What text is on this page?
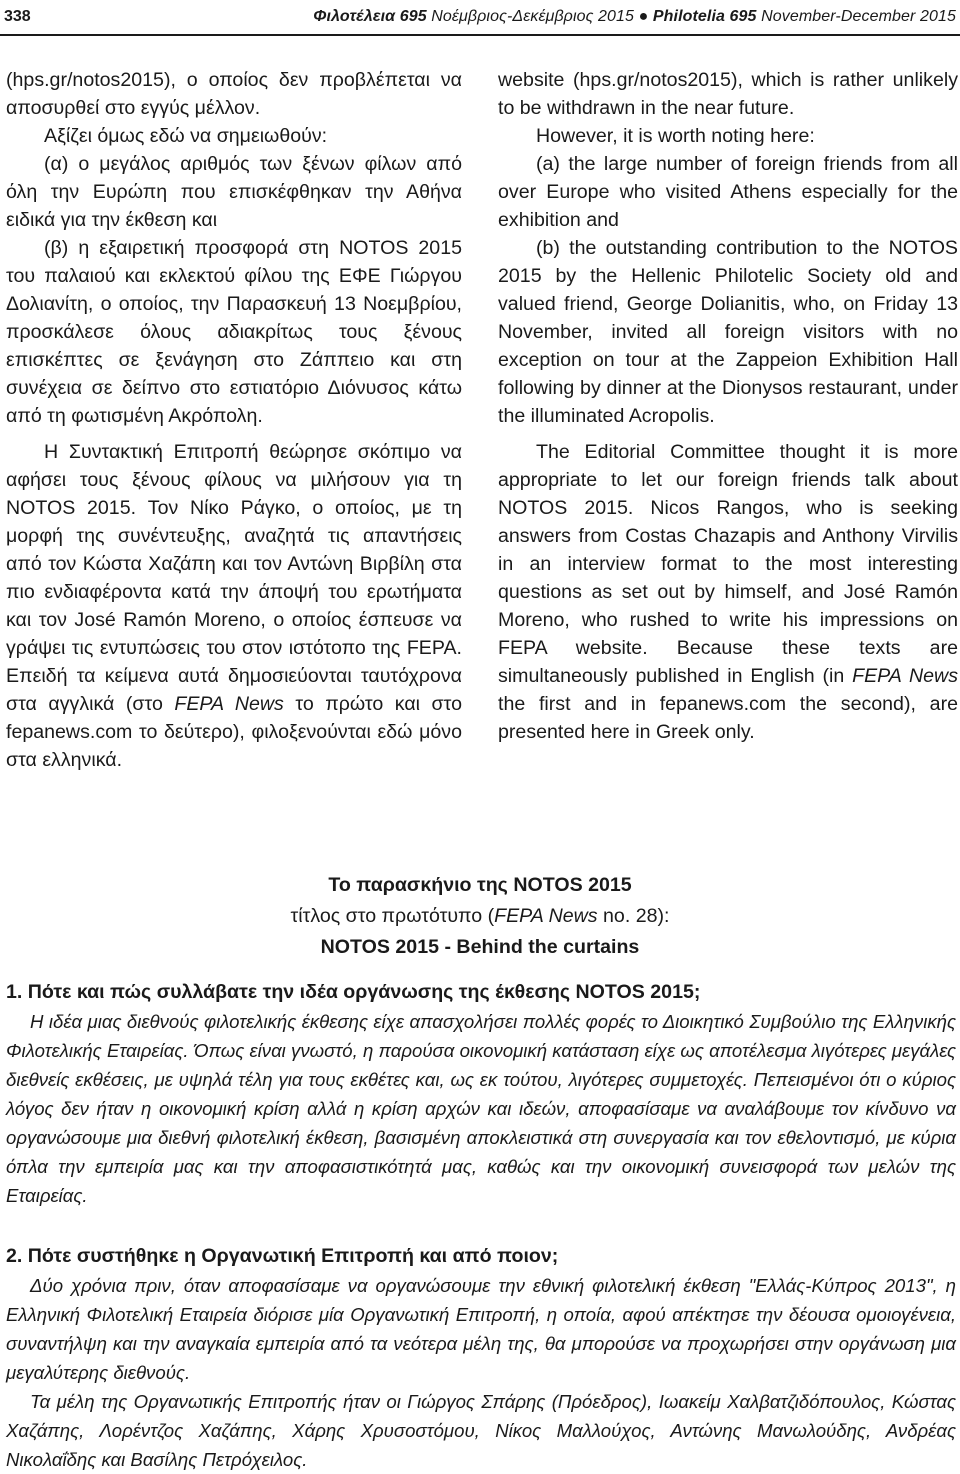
338	Φιλοτέλεια 695 Νοέμβριος-Δεκέμβριος 2015 ● Philotelia 695 November-December 2015

(hps.gr/notos2015), ο οποίος δεν προβλέπεται να αποσυρθεί στο εγγύς μέλλον.

Αξίζει όμως εδώ να σημειωθούν:

(α) ο μεγάλος αριθμός των ξένων φίλων από όλη την Ευρώπη που επισκέφθηκαν την Αθήνα ειδικά για την έκθεση και

(β) η εξαιρετική προσφορά στη NOTOS 2015 του παλαιού και εκλεκτού φίλου της ΕΦΕ Γιώργου Δολιανίτη, ο οποίος, την Παρασκευή 13 Νοεμβρίου, προσκάλεσε όλους αδιακρίτως τους ξένους επισκέπτες σε ξενάγηση στο Ζάππειο και στη συνέχεια σε δείπνο στο εστιατόριο Διόνυσος κάτω από τη φωτισμένη Ακρόπολη.

Η Συντακτική Επιτροπή θεώρησε σκόπιμο να αφήσει τους ξένους φίλους να μιλήσουν για τη NOTOS 2015. Τον Νίκο Ράγκο, ο οποίος, με τη μορφή της συνέντευξης, αναζητά τις απαντήσεις από τον Κώστα Χαζάπη και τον Αντώνη Βιρβίλη στα πιο ενδιαφέροντα κατά την άποψή του ερωτήματα και τον José Ramón Moreno, ο οποίος έσπευσε να γράψει τις εντυπώσεις του στον ιστότοπο της FEPA. Επειδή τα κείμενα αυτά δημοσιεύονται ταυτόχρονα στα αγγλικά (στο FEPA News το πρώτο και στο fepanews.com το δεύτερο), φιλοξενούνται εδώ μόνο στα ελληνικά.

website (hps.gr/notos2015), which is rather unlikely to be withdrawn in the near future.

However, it is worth noting here:

(a) the large number of foreign friends from all over Europe who visited Athens especially for the exhibition and

(b) the outstanding contribution to the NOTOS 2015 by the Hellenic Philotelic Society old and valued friend, George Dolianitis, who, on Friday 13 November, invited all foreign visitors with no exception on tour at the Zappeion Exhibition Hall following by dinner at the Dionysos restaurant, under the illuminated Acropolis.

The Editorial Committee thought it is more appropriate to let our foreign friends talk about NOTOS 2015. Nicos Rangos, who is seeking answers from Costas Chazapis and Anthony Virvilis in an interview format to the most interesting questions as set out by himself, and José Ramón Moreno, who rushed to write his impressions on FEPA website. Because these texts are simultaneously published in English (in FEPA News the first and in fepanews.com the second), are presented here in Greek only.

Το παρασκήνιο της NOTOS 2015
τίτλος στο πρωτότυπο (FEPA News no. 28):
NOTOS 2015 - Behind the curtains

1. Πότε και πώς συλλάβατε την ιδέα οργάνωσης της έκθεσης NOTOS 2015;

Η ιδέα μιας διεθνούς φιλοτελικής έκθεσης είχε απασχολήσει πολλές φορές το Διοικητικό Συμβούλιο της Ελληνικής Φιλοτελικής Εταιρείας. Όπως είναι γνωστό, η παρούσα οικονομική κατάσταση είχε ως αποτέλεσμα λιγότερες μεγάλες διεθνείς εκθέσεις, με υψηλά τέλη για τους εκθέτες και, ως εκ τούτου, λιγότερες συμμετοχές. Πεπεισμένοι ότι ο κύριος λόγος δεν ήταν η οικονομική κρίση αλλά η κρίση αρχών και ιδεών, αποφασίσαμε να αναλάβουμε τον κίνδυνο να οργανώσουμε μια διεθνή φιλοτελική έκθεση, βασισμένη αποκλειστικά στη συνεργασία και τον εθελοντισμό, με κύρια όπλα την εμπειρία μας και την αποφασιστικότητά μας, καθώς και την οικονομική συνεισφορά των μελών της Εταιρείας.

2. Πότε συστήθηκε η Οργανωτική Επιτροπή και από ποιον;

Δύο χρόνια πριν, όταν αποφασίσαμε να οργανώσουμε την εθνική φιλοτελική έκθεση "Ελλάς-Κύπρος 2013", η Ελληνική Φιλοτελική Εταιρεία διόρισε μία Οργανωτική Επιτροπή, η οποία, αφού απέκτησε την δέουσα ομοιογένεια, συναντήλψη και την αναγκαία εμπειρία από τα νεότερα μέλη της, θα μπορούσε να προχωρήσει στην οργάνωση μια μεγαλύτερης διεθνούς.

Τα μέλη της Οργανωτικής Επιτροπής ήταν οι Γιώργος Σπάρης (Πρόεδρος), Ιωακείμ Χαλβατζιδόπουλος, Κώστας Χαζάπης, Λορέντζος Χαζάπης, Χάρης Χρυσοστόμου, Νίκος Μαλλούχος, Αντώνης Μανωλούδης, Ανδρέας Νικολαΐδης και Βασίλης Πετρόχειλος.
